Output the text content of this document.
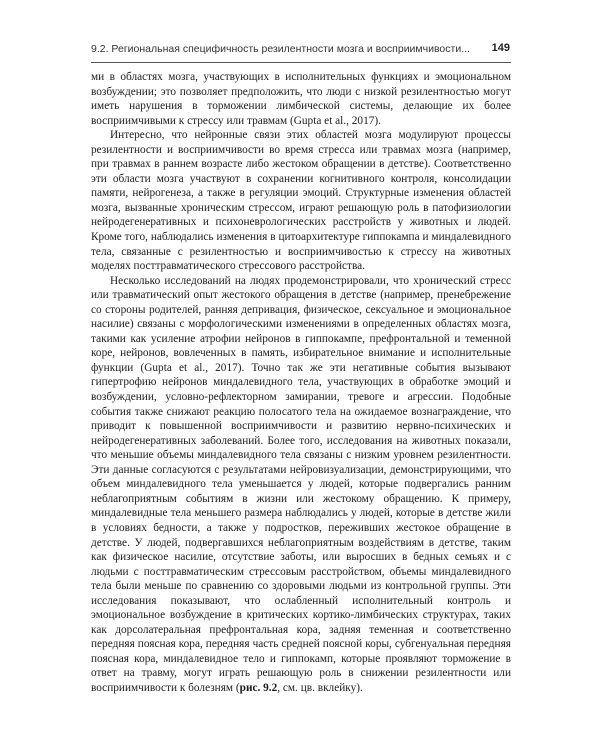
9.2. Региональная специфичность резилентности мозга и восприимчивости...	149

ми в областях мозга, участвующих в исполнительных функциях и эмоциональном возбуждении; это позволяет предположить, что люди с низкой резилентностью могут иметь нарушения в торможении лимбической системы, делающие их более восприимчивыми к стрессу или травмам (Gupta et al., 2017).

Интересно, что нейронные связи этих областей мозга модулируют процессы резилентности и восприимчивости во время стресса или травмах мозга (например, при травмах в раннем возрасте либо жестоком обращении в детстве). Соответственно эти области мозга участвуют в сохранении когнитивного контроля, консолидации памяти, нейрогенеза, а также в регуляции эмоций. Структурные изменения областей мозга, вызванные хроническим стрессом, играют решающую роль в патофизиологии нейродегенеративных и психоневрологических расстройств у животных и людей. Кроме того, наблюдались изменения в цитоархитектуре гиппокампа и миндалевидного тела, связанные с резилентностью и восприимчивостью к стрессу на животных моделях посттравматического стрессового расстройства.

Несколько исследований на людях продемонстрировали, что хронический стресс или травматический опыт жестокого обращения в детстве (например, пренебрежение со стороны родителей, ранняя депривация, физическое, сексуальное и эмоциональное насилие) связаны с морфологическими изменениями в определенных областях мозга, такими как усиление атрофии нейронов в гиппокампе, префронтальной и теменной коре, нейронов, вовлеченных в память, избирательное внимание и исполнительные функции (Gupta et al., 2017). Точно так же эти негативные события вызывают гипертрофию нейронов миндалевидного тела, участвующих в обработке эмоций и возбуждении, условно-рефлекторном замирании, тревоге и агрессии. Подобные события также снижают реакцию полосатого тела на ожидаемое вознаграждение, что приводит к повышенной восприимчивости и развитию нервно-психических и нейродегенеративных заболеваний. Более того, исследования на животных показали, что меньшие объемы миндалевидного тела связаны с низким уровнем резилентности. Эти данные согласуются с результатами нейровизуализации, демонстрирующими, что объем миндалевидного тела уменьшается у людей, которые подвергались ранним неблагоприятным событиям в жизни или жестокому обращению. К примеру, миндалевидные тела меньшего размера наблюдались у людей, которые в детстве жили в условиях бедности, а также у подростков, переживших жестокое обращение в детстве. У людей, подвергавшихся неблагоприятным воздействиям в детстве, таким как физическое насилие, отсутствие заботы, или выросших в бедных семьях и с людьми с посттравматическим стрессовым расстройством, объемы миндалевидного тела были меньше по сравнению со здоровыми людьми из контрольной группы. Эти исследования показывают, что ослабленный исполнительный контроль и эмоциональное возбуждение в критических кортико-лимбических структурах, таких как дорсолатеральная префронтальная кора, задняя теменная и соответственно передняя поясная кора, передняя часть средней поясной коры, субгенуальная передняя поясная кора, миндалевидное тело и гиппокамп, которые проявляют торможение в ответ на травму, могут играть решающую роль в снижении резилентности или восприимчивости к болезням (рис. 9.2, см. цв. вклейку).
